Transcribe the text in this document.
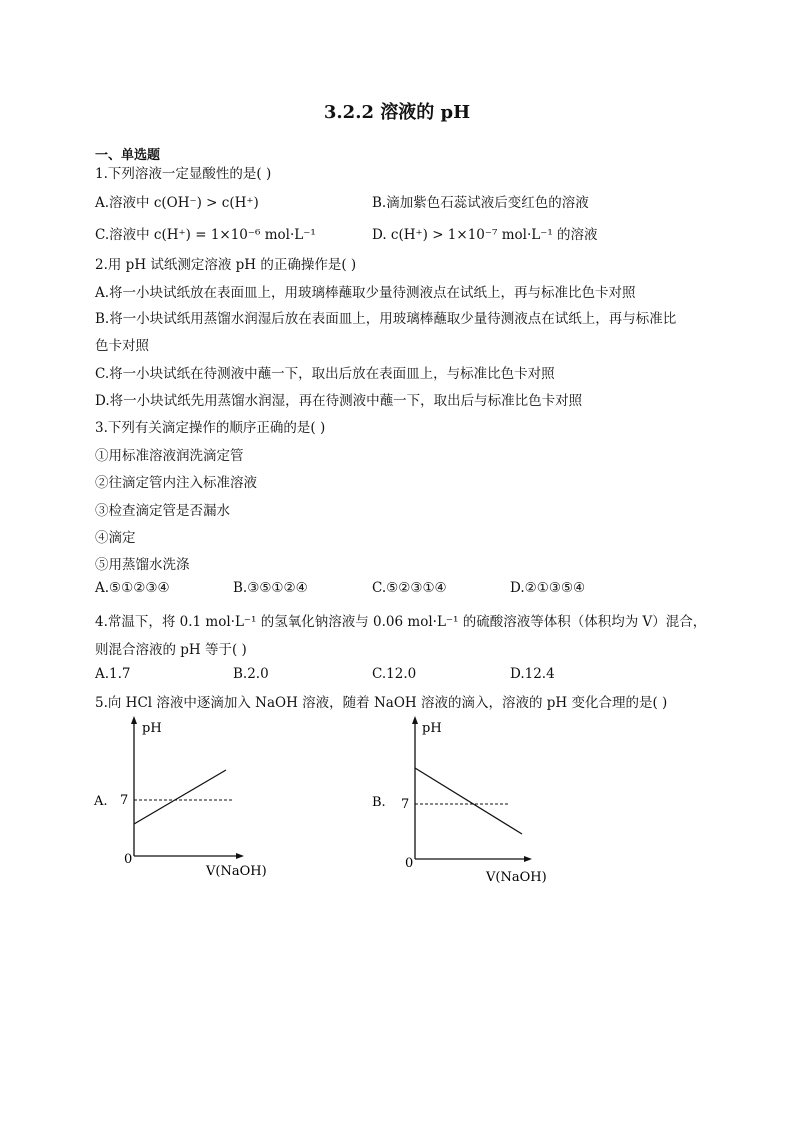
3.2.2 溶液的 pH
一、单选题
1.下列溶液一定显酸性的是( )
A.溶液中 c(OH⁻) > c(H⁺)	B.滴加紫色石蕊试液后变红色的溶液
C.溶液中 c(H⁺) = 1×10⁻⁶ mol·L⁻¹	D. c(H⁺) > 1×10⁻⁷ mol·L⁻¹ 的溶液
2.用 pH 试纸测定溶液 pH 的正确操作是( )
A.将一小块试纸放在表面皿上，用玻璃棒蘸取少量待测液点在试纸上，再与标准比色卡对照
B.将一小块试纸用蒸馏水润湿后放在表面皿上，用玻璃棒蘸取少量待测液点在试纸上，再与标准比
色卡对照
C.将一小块试纸在待测液中蘸一下，取出后放在表面皿上，与标准比色卡对照
D.将一小块试纸先用蒸馏水润湿，再在待测液中蘸一下，取出后与标准比色卡对照
3.下列有关滴定操作的顺序正确的是( )
①用标准溶液润洗滴定管
②往滴定管内注入标准溶液
③检查滴定管是否漏水
④滴定
⑤用蒸馏水洗涤
A.⑤①②③④	B.③⑤①②④	C.⑤②③①④	D.②①③⑤④
4.常温下，将 0.1 mol·L⁻¹ 的氢氧化钠溶液与 0.06 mol·L⁻¹ 的硫酸溶液等体积（体积均为 V）混合，
则混合溶液的 pH 等于( )
A.1.7	B.2.0	C.12.0	D.12.4
5.向 HCl 溶液中逐滴加入 NaOH 溶液，随着 NaOH 溶液的滴入，溶液的 pH 变化合理的是( )
A.
pH
7
0
V(NaOH)
B.
pH
7
0
V(NaOH)
